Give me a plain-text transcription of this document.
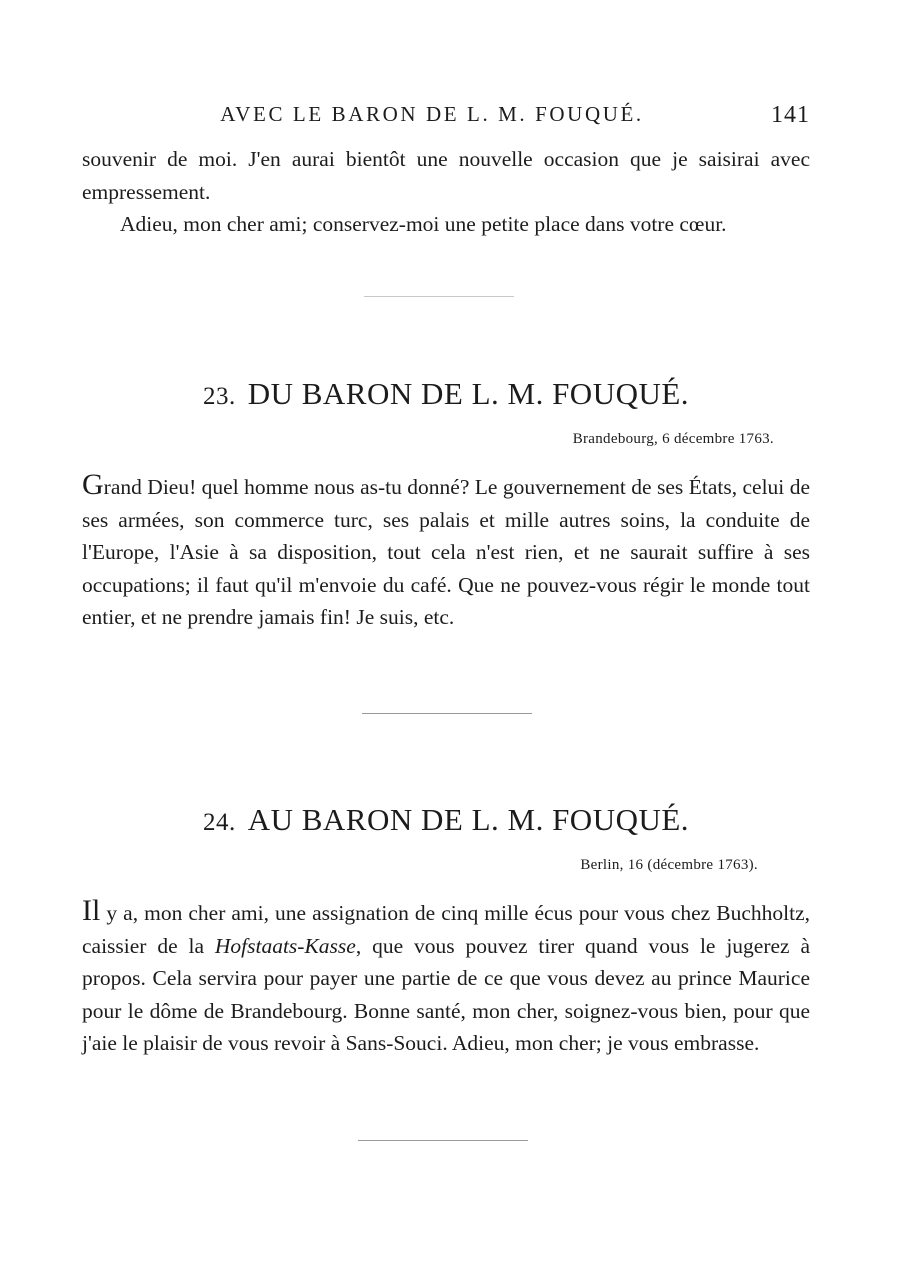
AVEC LE BARON DE L. M. FOUQUÉ.	141

souvenir de moi. J'en aurai bientôt une nouvelle occasion que je saisirai avec empressement.

Adieu, mon cher ami; conservez-moi une petite place dans votre cœur.

23. DU BARON DE L. M. FOUQUÉ.
Brandebourg, 6 décembre 1763.

Grand Dieu! quel homme nous as-tu donné? Le gouvernement de ses États, celui de ses armées, son commerce turc, ses palais et mille autres soins, la conduite de l'Europe, l'Asie à sa disposition, tout cela n'est rien, et ne saurait suffire à ses occupations; il faut qu'il m'envoie du café. Que ne pouvez-vous régir le monde tout entier, et ne prendre jamais fin! Je suis, etc.

24. AU BARON DE L. M. FOUQUÉ.
Berlin, 16 (décembre 1763).

Il y a, mon cher ami, une assignation de cinq mille écus pour vous chez Buchholtz, caissier de la Hofstaats-Kasse, que vous pouvez tirer quand vous le jugerez à propos. Cela servira pour payer une partie de ce que vous devez au prince Maurice pour le dôme de Brandebourg. Bonne santé, mon cher, soignez-vous bien, pour que j'aie le plaisir de vous revoir à Sans-Souci. Adieu, mon cher; je vous embrasse.
